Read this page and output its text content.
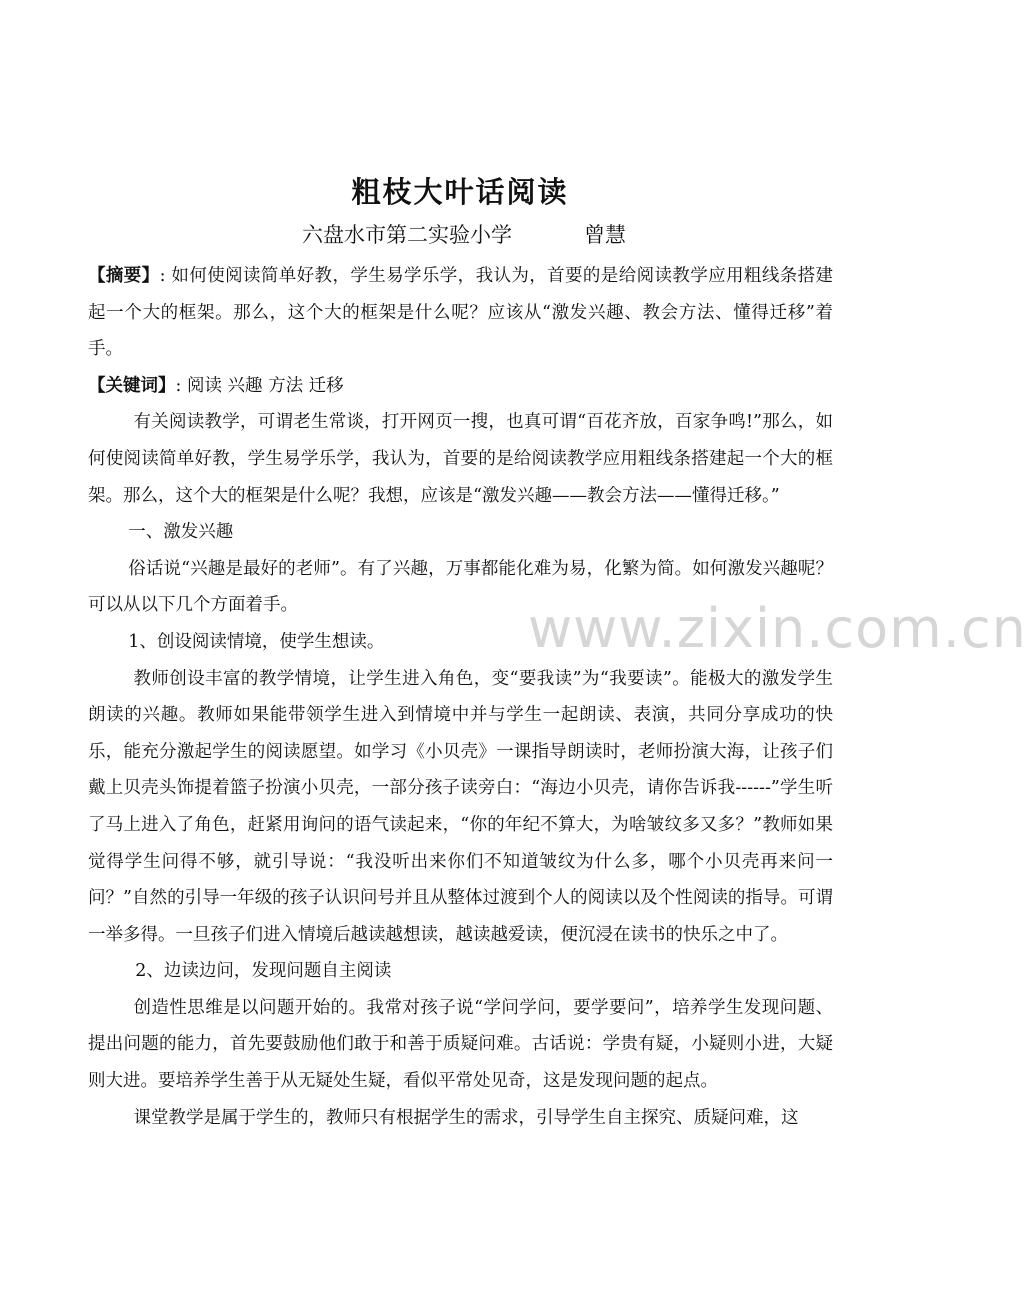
粗枝大叶话阅读
六盘水市第二实验小学	曾慧

【摘要】: 如何使阅读简单好教，学生易学乐学，我认为，首要的是给阅读教学应用粗线条搭建起一个大的框架。那么，这个大的框架是什么呢？应该从“激发兴趣、教会方法、懂得迁移”着手。

【关键词】: 阅读 兴趣 方法 迁移

有关阅读教学，可谓老生常谈，打开网页一搜，也真可谓“百花齐放，百家争鸣!”那么，如何使阅读简单好教，学生易学乐学，我认为，首要的是给阅读教学应用粗线条搭建起一个大的框架。那么，这个大的框架是什么呢？我想，应该是“激发兴趣——教会方法——懂得迁移。”

一、激发兴趣

俗话说“兴趣是最好的老师”。有了兴趣，万事都能化难为易，化繁为简。如何激发兴趣呢？可以从以下几个方面着手。

1、创设阅读情境，使学生想读。

教师创设丰富的教学情境，让学生进入角色，变“要我读”为“我要读”。能极大的激发学生朗读的兴趣。教师如果能带领学生进入到情境中并与学生一起朗读、表演，共同分享成功的快乐，能充分激起学生的阅读愿望。如学习《小贝壳》一课指导朗读时，老师扮演大海，让孩子们戴上贝壳头饰提着篮子扮演小贝壳，一部分孩子读旁白：“海边小贝壳，请你告诉我------”学生听了马上进入了角色，赶紧用询问的语气读起来，“你的年纪不算大，为啥皱纹多又多？”教师如果觉得学生问得不够，就引导说：“我没听出来你们不知道皱纹为什么多，哪个小贝壳再来问一问？”自然的引导一年级的孩子认识问号并且从整体过渡到个人的阅读以及个性阅读的指导。可谓一举多得。一旦孩子们进入情境后越读越想读，越读越爱读，便沉浸在读书的快乐之中了。

2、边读边问，发现问题自主阅读

创造性思维是以问题开始的。我常对孩子说“学问学问，要学要问”，培养学生发现问题、提出问题的能力，首先要鼓励他们敢于和善于质疑问难。古话说：学贵有疑，小疑则小进，大疑则大进。要培养学生善于从无疑处生疑，看似平常处见奇，这是发现问题的起点。

课堂教学是属于学生的，教师只有根据学生的需求，引导学生自主探究、质疑问难，这

www.zixin.com.cn
